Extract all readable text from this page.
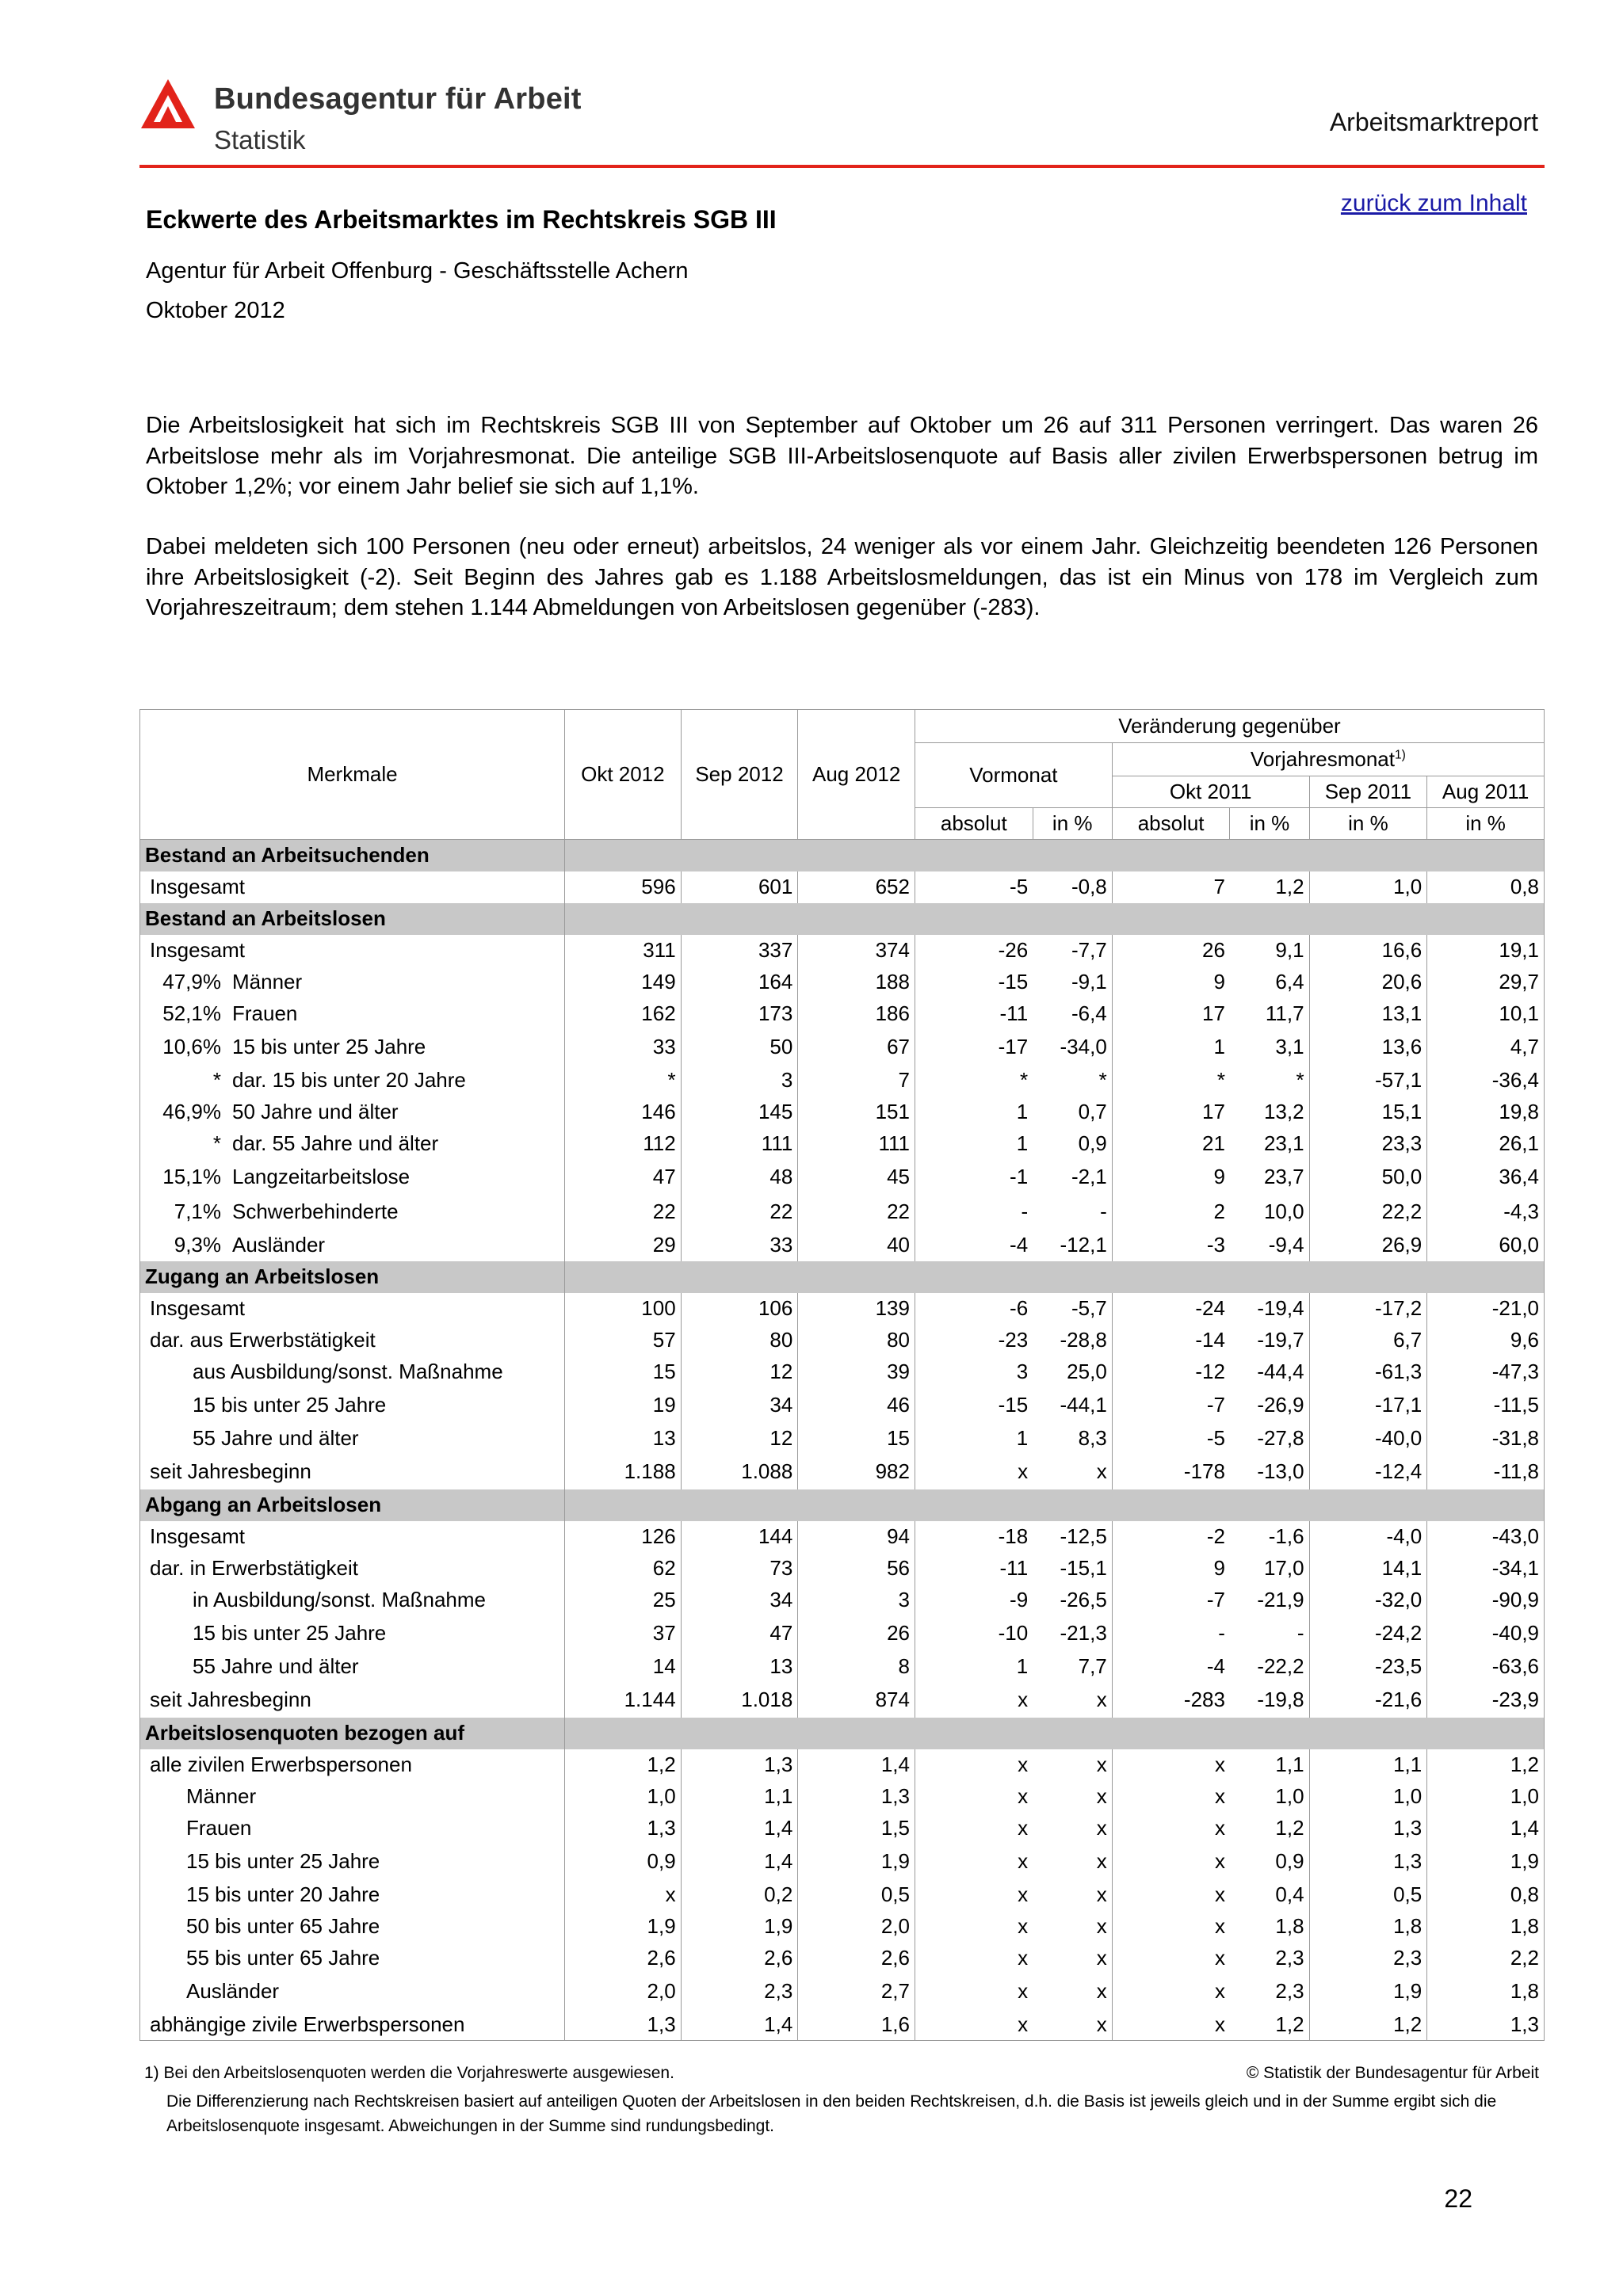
Bundesagentur für Arbeit
Statistik
Arbeitsmarktreport
zurück zum Inhalt
Eckwerte des Arbeitsmarktes im Rechtskreis SGB III
Agentur für Arbeit Offenburg - Geschäftsstelle Achern
Oktober 2012
Die Arbeitslosigkeit hat sich im Rechtskreis SGB III von September auf Oktober um 26 auf 311 Personen verringert. Das waren 26 Arbeitslose mehr als im Vorjahresmonat. Die anteilige SGB III-Arbeitslosenquote auf Basis aller zivilen Erwerbspersonen betrug im Oktober 1,2%; vor einem Jahr belief sie sich auf 1,1%.
Dabei meldeten sich 100 Personen (neu oder erneut) arbeitslos, 24 weniger als vor einem Jahr. Gleichzeitig beendeten 126 Personen ihre Arbeitslosigkeit (-2). Seit Beginn des Jahres gab es 1.188 Arbeitslosmeldungen, das ist ein Minus von 178 im Vergleich zum Vorjahreszeitraum; dem stehen 1.144 Abmeldungen von Arbeitslosen gegenüber (-283).
Merkmale	Okt 2012	Sep 2012	Aug 2012	Veränderung gegenüber					
				Vormonat		Vorjahresmonat$^{1)}$
						Okt 2011		Sep 2011	Aug 2011
				absolut	in %	absolut	in %	in %	in %
Bestand an Arbeitsuchenden									
Insgesamt	596	601	652	-5	-0,8	7	1,2	1,0	0,8
Bestand an Arbeitslosen									
Insgesamt	311	337	374	-26	-7,7	26	9,1	16,6	19,1
47,9% Männer	149	164	188	-15	-9,1	9	6,4	20,6	29,7
52,1% Frauen	162	173	186	-11	-6,4	17	11,7	13,1	10,1
10,6% 15 bis unter 25 Jahre	33	50	67	-17	-34,0	1	3,1	13,6	4,7
* dar. 15 bis unter 20 Jahre	*	3	7	*	*	*	*	-57,1	-36,4
46,9% 50 Jahre und älter	146	145	151	1	0,7	17	13,2	15,1	19,8
* dar. 55 Jahre und älter	112	111	111	1	0,9	21	23,1	23,3	26,1
15,1% Langzeitarbeitslose	47	48	45	-1	-2,1	9	23,7	50,0	36,4
7,1% Schwerbehinderte	22	22	22	-	-	2	10,0	22,2	-4,3
9,3% Ausländer	29	33	40	-4	-12,1	-3	-9,4	26,9	60,0
Zugang an Arbeitslosen									
Insgesamt	100	106	139	-6	-5,7	-24	-19,4	-17,2	-21,0
dar. aus Erwerbstätigkeit	57	80	80	-23	-28,8	-14	-19,7	6,7	9,6
aus Ausbildung/sonst. Maßnahme	15	12	39	3	25,0	-12	-44,4	-61,3	-47,3
15 bis unter 25 Jahre	19	34	46	-15	-44,1	-7	-26,9	-17,1	-11,5
55 Jahre und älter	13	12	15	1	8,3	-5	-27,8	-40,0	-31,8
seit Jahresbeginn	1.188	1.088	982	x	x	-178	-13,0	-12,4	-11,8
Abgang an Arbeitslosen									
Insgesamt	126	144	94	-18	-12,5	-2	-1,6	-4,0	-43,0
dar. in Erwerbstätigkeit	62	73	56	-11	-15,1	9	17,0	14,1	-34,1
in Ausbildung/sonst. Maßnahme	25	34	3	-9	-26,5	-7	-21,9	-32,0	-90,9
15 bis unter 25 Jahre	37	47	26	-10	-21,3	-	-	-24,2	-40,9
55 Jahre und älter	14	13	8	1	7,7	-4	-22,2	-23,5	-63,6
seit Jahresbeginn	1.144	1.018	874	x	x	-283	-19,8	-21,6	-23,9
Arbeitslosenquoten bezogen auf									
alle zivilen Erwerbspersonen	1,2	1,3	1,4	x	x	x	1,1	1,1	1,2
Männer	1,0	1,1	1,3	x	x	x	1,0	1,0	1,0
Frauen	1,3	1,4	1,5	x	x	x	1,2	1,3	1,4
15 bis unter 25 Jahre	0,9	1,4	1,9	x	x	x	0,9	1,3	1,9
15 bis unter 20 Jahre	x	0,2	0,5	x	x	x	0,4	0,5	0,8
50 bis unter 65 Jahre	1,9	1,9	2,0	x	x	x	1,8	1,8	1,8
55 bis unter 65 Jahre	2,6	2,6	2,6	x	x	x	2,3	2,3	2,2
Ausländer	2,0	2,3	2,7	x	x	x	2,3	1,9	1,8
abhängige zivile Erwerbspersonen	1,3	1,4	1,6	x	x	x	1,2	1,2	1,3
1) Bei den Arbeitslosenquoten werden die Vorjahreswerte ausgewiesen.	© Statistik der Bundesagentur für Arbeit
Die Differenzierung nach Rechtskreisen basiert auf anteiligen Quoten der Arbeitslosen in den beiden Rechtskreisen, d.h. die Basis ist jeweils gleich und in der Summe ergibt sich die Arbeitslosenquote insgesamt. Abweichungen in der Summe sind rundungsbedingt.
22
